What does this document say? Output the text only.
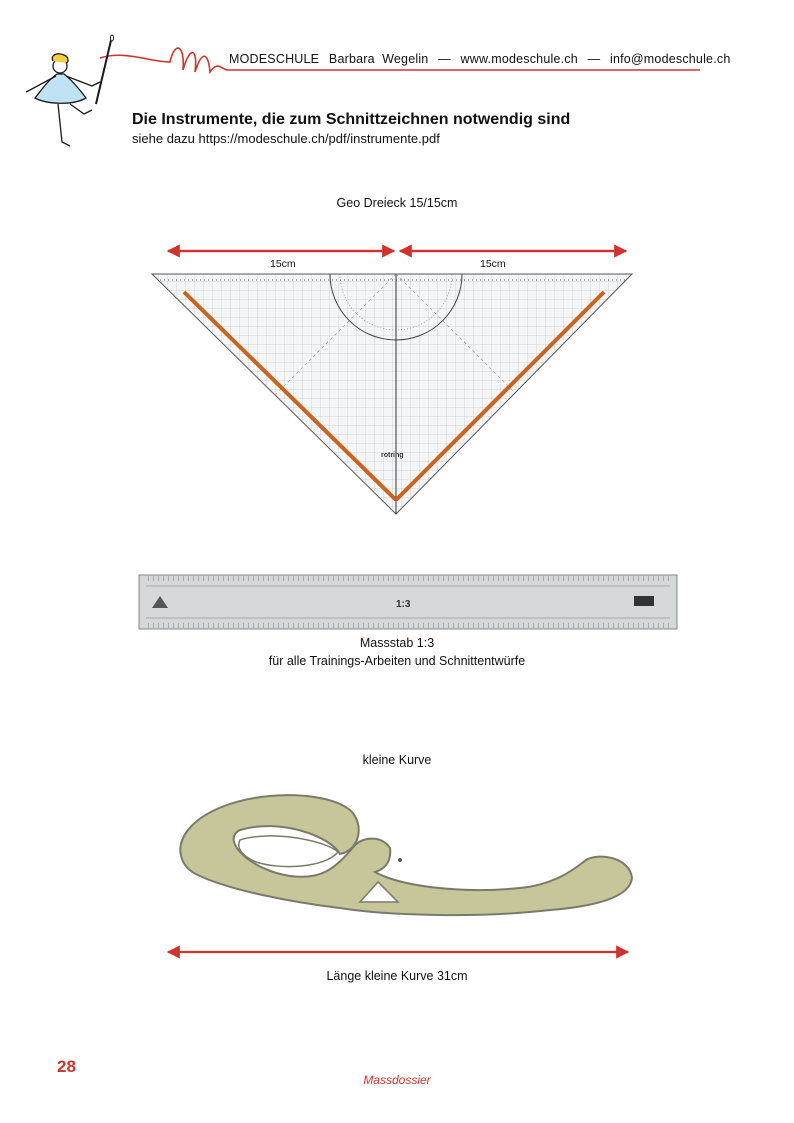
MODESCHULE Barbara  Wegelin — www.modeschule.ch — info@modeschule.ch
Die Instrumente, die zum Schnittzeichnen notwendig sind
siehe dazu https://modeschule.ch/pdf/instrumente.pdf
Geo Dreieck 15/15cm
15cm	15cm
rotring
1:3
Massstab 1:3
für alle Trainings-Arbeiten und Schnittentwürfe
kleine Kurve
Länge kleine Kurve 31cm
28
Massdossier
